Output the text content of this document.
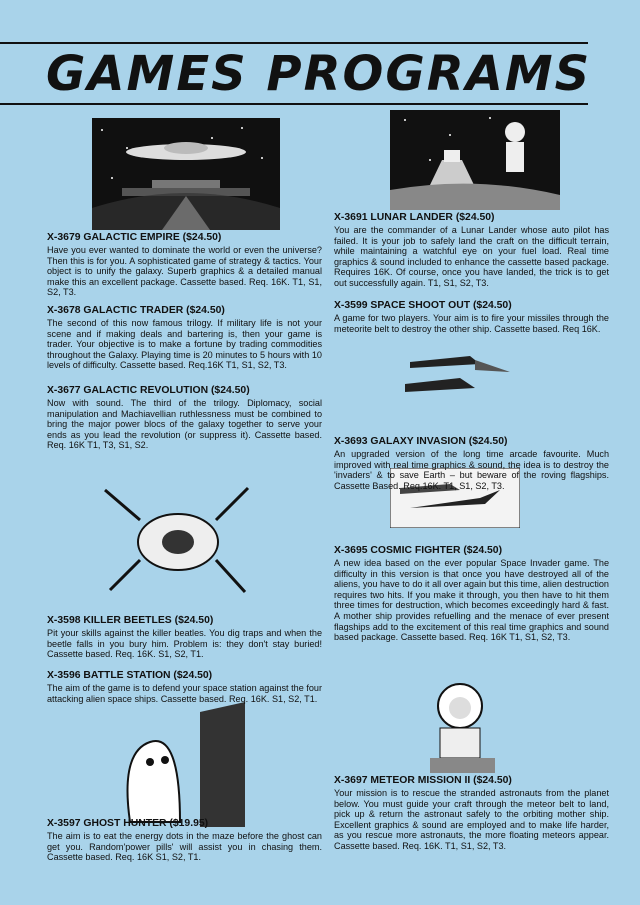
GAMES PROGRAMS
X-3679 GALACTIC EMPIRE ($24.50)

Have you ever wanted to dominate the world or even the universe? Then this is for you. A sophisticated game of strategy & tactics. Your object is to unify the galaxy. Superb graphics & a detailed manual make this an excellent package. Cassette based. Req. 16K. T1, S1, S2, T3.

X-3678 GALACTIC TRADER ($24.50)

The second of this now famous trilogy. If military life is not your scene and if making deals and bartering is, then your game is trader. Your objective is to make a fortune by trading commodities throughout the Galaxy. Playing time is 20 minutes to 5 hours with 10 levels of difficulty. Cassette based. Req.16K T1, S1, S2, T3.

X-3677 GALACTIC REVOLUTION ($24.50)

Now with sound. The third of the trilogy. Diplomacy, social manipulation and Machiavellian ruthlessness must be combined to bring the major power blocs of the galaxy together to serve your ends as you lead the revolution (or suppress it). Cassette based. Req. 16K T1, T3, S1, S2.

X-3598 KILLER BEETLES ($24.50)

Pit your skills against the killer beatles. You dig traps and when the beetle falls in you bury him. Problem is: they don't stay buried! Cassette based. Req. 16K. S1, S2, T1.

X-3596 BATTLE STATION ($24.50)

The aim of the game is to defend your space station against the four attacking alien space ships. Cassette based. Req. 16K. S1, S2, T1.

X-3597 GHOST HUNTER ($19.95)

The aim is to eat the energy dots in the maze before the ghost can get you. Random'power pills' will assist you in chasing them. Cassette based. Req. 16K S1, S2, T1.

X-3691 LUNAR LANDER ($24.50)

You are the commander of a Lunar Lander whose auto pilot has failed. It is your job to safely land the craft on the difficult terrain, while maintaining a watchful eye on your fuel load. Real time graphics & sound included to enhance the cassette based package. Requires 16K. Of course, once you have landed, the trick is to get out successfully again. T1, S1, S2, T3.

X-3599 SPACE SHOOT OUT ($24.50)

A game for two players. Your aim is to fire your missiles through the meteorite belt to destroy the other ship. Cassette based. Req 16K.

X-3693 GALAXY INVASION ($24.50)

An upgraded version of the long time arcade favourite. Much improved with real time graphics & sound, the idea is to destroy the 'invaders' & to save Earth – but beware of the roving flagships. Cassette Based. Req.16K. T1, S1, S2, T3.

X-3695 COSMIC FIGHTER ($24.50)

A new idea based on the ever popular Space Invader game. The difficulty in this version is that once you have destroyed all of the aliens, you have to do it all over again but this time, alien destruction requires two hits. If you make it through, you then have to hit them three times for destruction, which becomes exceedingly hard & fast. A mother ship provides refuelling and the menace of ever present flagships add to the excitement of this real time graphics and sound based package. Cassette based. Req. 16K T1, S1, S2, T3.

X-3697 METEOR MISSION II ($24.50)

Your mission is to rescue the stranded astronauts from the planet below. You must guide your craft through the meteor belt to land, pick up & return the astronaut safely to the orbiting mother ship. Excellent graphics & sound are employed and to make life harder, as you rescue more astronauts, the more floating meteors appear. Cassette based. Req. 16K. T1, S1, S2, T3.
